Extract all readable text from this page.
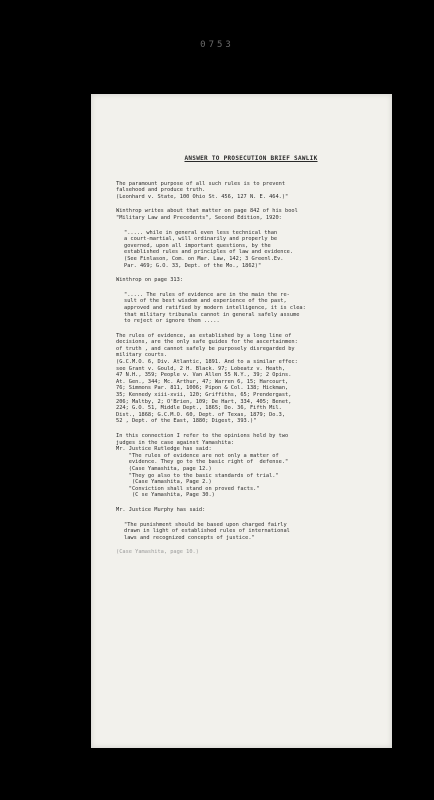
0753
ANSWER TO PROSECUTION BRIEF SAWLIK
The paramount purpose of all such rules is to prevent
falsehood and produce truth.
(Leonhard v. State, 100 Ohio St. 456, 127 N. E. 464.)"
Winthrop writes about that matter on page 842 of his bool
"Military Law and Precedents", Second Edition, 1920:
"..... while in general even less technical than
a court-martial, will ordinarily and properly be
governed, upon all important questions, by the
established rules and principles of law and evidence.
(See Finlason, Com. on Mar. Law, 142; 3 Greenl.Ev.
Par. 469; G.O. 33, Dept. of the Mo., 1862)"
Winthrop on page 313:
"..... The rules of evidence are in the main the re-
sult of the best wisdom and experience of the past,
approved and ratified by modern intelligence, it is clea:
that military tribunals cannot in general safely assume
to reject or ignore them .....
The rules of evidence, as established by a long line of
decisions, are the only safe guides for the ascertainmen:
of truth , and cannot safely be purposely disregarded by
military courts.
(G.C.M.O. 6, Div. Atlantic, 1891. And to a similar effec:
see Grant v. Gould, 2 H. Black. 97; Lobeatz v. Heath,
47 N.H., 359; People v. Van Allen 55 N.Y., 39; 2 Opins.
At. Gen., 344; Mc. Arthur, 47; Warren 6, 15; Harcourt,
76; Simmons Par. 811, 1006; Pipon & Col. 138; Hickman,
35; Kennedy xiii-xvii, 120; Griffiths, 65; Prendergast,
206; Maltby, 2; O'Brien, 109; De Hart, 334, 405; Benet,
224; G.O. 51, Middle Dept., 1865; Do. 36, Fifth Mil.
Dist., 1868; G.C.M.O. 60, Dept. of Texas, 1879; Do.3,
52 , Dept. of the East, 1880; Digest, 393.)"
In this connection I refer to the opinions held by two
judges in the case against Yamashita:
Mr. Justice Rutledge has said:
"The rules of evidence are not only a matter of
evidence. They go to the basic right of  defense."
(Case Yamashita, page 12.)
"They go also to the basic standards of trial."
(Case Yamashita, Page 2.)
"Conviction shall stand on proved facts."
(C se Yamashita, Page 30.)
Mr. Justice Murphy has said:
"The punishment should be based upon charged fairly
drawn in light of established rules of international
laws and recognized concepts of justice."
(Case Yamashita, page 10.)
